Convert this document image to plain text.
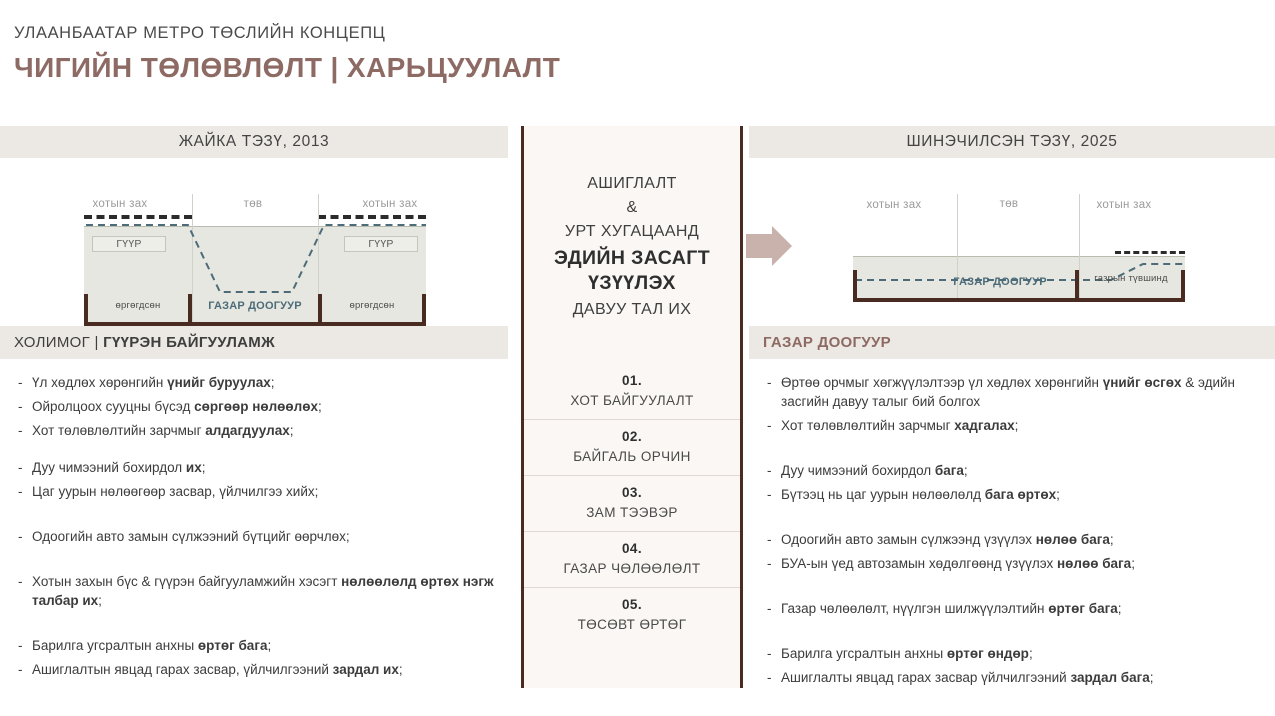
УЛААНБААТАР МЕТРО ТӨСЛИЙН КОНЦЕПЦ
ЧИГИЙН ТӨЛӨВЛӨЛТ | ХАРЬЦУУЛАЛТ
ЖАЙКА ТЭЗҮ, 2013
хотын зах	төв	хотын зах
ГҮҮР	ГҮҮР
өргөгдсөн	ГАЗАР ДООГУУР	өргөгдсөн
ХОЛИМОГ | ГҮҮРЭН БАЙГУУЛАМЖ
- Үл хөдлөх хөрөнгийн үнийг буруулах;
- Ойролцоох сууцны бүсэд сөргөөр нөлөөлөх;
- Хот төлөвлөлтийн зарчмыг алдагдуулах;
- Дуу чимээний бохирдол их;
- Цаг уурын нөлөөгөөр засвар, үйлчилгээ хийх;
- Одоогийн авто замын сүлжээний бүтцийг өөрчлөх;
- Хотын захын бүс & гүүрэн байгууламжийн хэсэгт нөлөөлөлд өртөх нэгж талбар их;
- Барилга угсралтын анхны өртөг бага;
- Ашиглалтын явцад гарах засвар, үйлчилгээний зардал их;
АШИГЛАЛТ
&
УРТ ХУГАЦААНД
ЭДИЙН ЗАСАГТ ҮЗҮҮЛЭХ
ДАВУУ ТАЛ ИХ
01.
ХОТ БАЙГУУЛАЛТ
02.
БАЙГАЛЬ ОРЧИН
03.
ЗАМ ТЭЭВЭР
04.
ГАЗАР ЧӨЛӨӨЛӨЛТ
05.
ТӨСӨВТ ӨРТӨГ
ШИНЭЧИЛСЭН ТЭЗҮ, 2025
хотын зах	төв	хотын зах
ГАЗАР ДООГУУР	газрын түвшинд
ГАЗАР ДООГУУР
- Өртөө орчмыг хөгжүүлэлтээр үл хөдлөх хөрөнгийн үнийг өсгөх & эдийн засгийн давуу талыг бий болгох
- Хот төлөвлөлтийн зарчмыг хадгалах;
- Дуу чимээний бохирдол бага;
- Бүтээц нь цаг уурын нөлөөлөлд бага өртөх;
- Одоогийн авто замын сүлжээнд үзүүлэх нөлөө бага;
- БУА-ын үед автозамын хөдөлгөөнд үзүүлэх нөлөө бага;
- Газар чөлөөлөлт, нүүлгэн шилжүүлэлтийн өртөг бага;
- Барилга угсралтын анхны өртөг өндөр;
- Ашиглалты явцад гарах засвар үйлчилгээний зардал бага;
